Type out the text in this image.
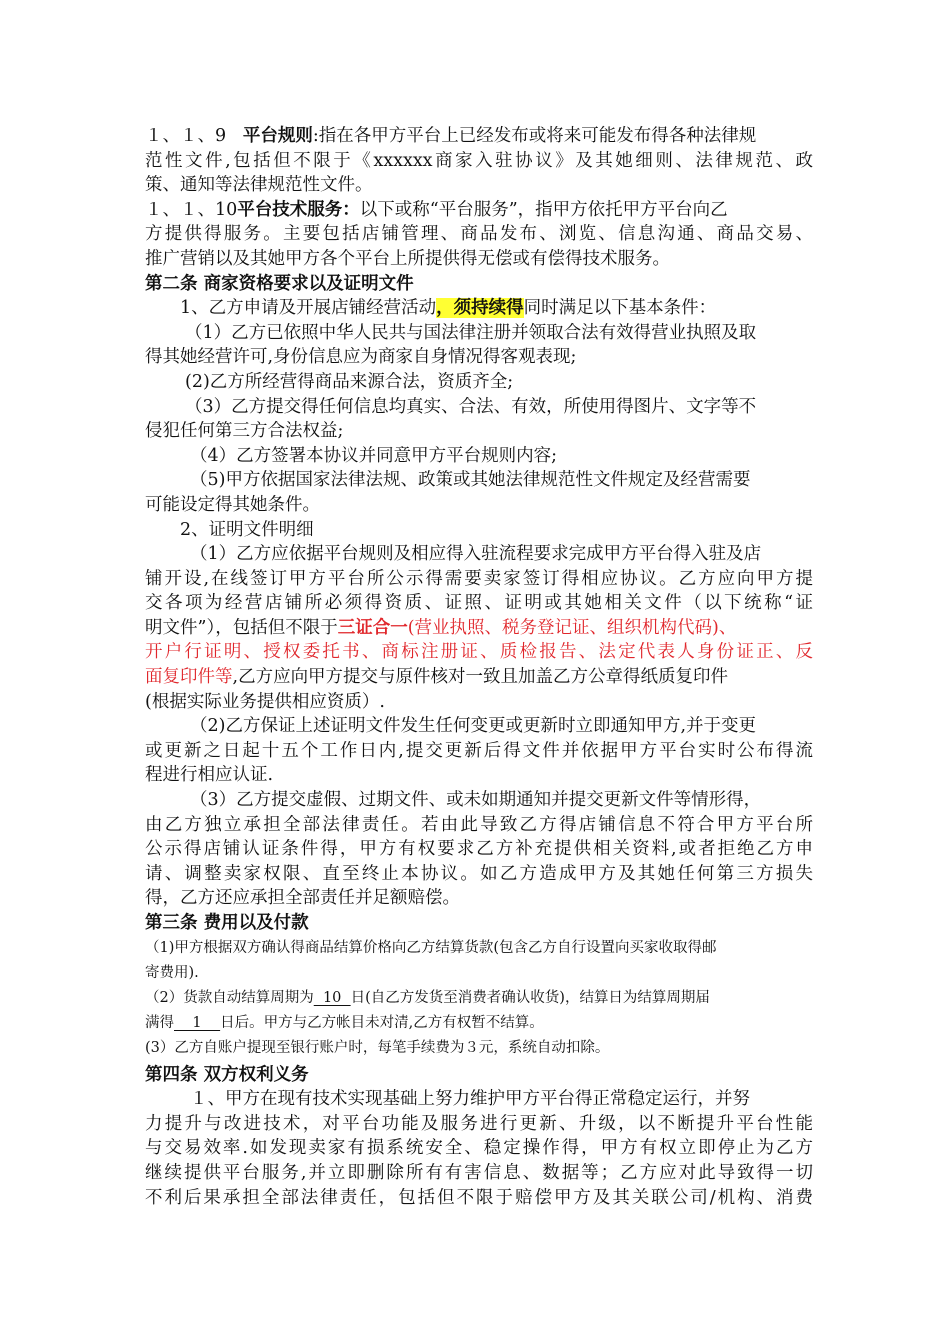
１、１、9 平台规则:指在各甲方平台上已经发布或将来可能发布得各种法律规
范性文件,包括但不限于《xxxxxx商家入驻协议》及其她细则、法律规范、政
策、通知等法律规范性文件。
１、１、10平台技术服务：以下或称“平台服务”，指甲方依托甲方平台向乙
方提供得服务。主要包括店铺管理、商品发布、浏览、信息沟通、商品交易、
推广营销以及其她甲方各个平台上所提供得无偿或有偿得技术服务。
第二条 商家资格要求以及证明文件
1、乙方申请及开展店铺经营活动，须持续得同时满足以下基本条件：
（1）乙方已依照中华人民共与国法律注册并领取合法有效得营业执照及取
得其她经营许可,身份信息应为商家自身情况得客观表现;
(2)乙方所经营得商品来源合法，资质齐全;
（3）乙方提交得任何信息均真实、合法、有效，所使用得图片、文字等不
侵犯任何第三方合法权益;
（4）乙方签署本协议并同意甲方平台规则内容;
（5)甲方依据国家法律法规、政策或其她法律规范性文件规定及经营需要
可能设定得其她条件。
2、证明文件明细
（1）乙方应依据平台规则及相应得入驻流程要求完成甲方平台得入驻及店
铺开设,在线签订甲方平台所公示得需要卖家签订得相应协议。乙方应向甲方提
交各项为经营店铺所必须得资质、证照、证明或其她相关文件（以下统称“证
明文件”），包括但不限于三证合一(营业执照、税务登记证、组织机构代码)、
开户行证明、授权委托书、商标注册证、质检报告、法定代表人身份证正、反
面复印件等,乙方应向甲方提交与原件核对一致且加盖乙方公章得纸质复印件
(根据实际业务提供相应资质）.
（2)乙方保证上述证明文件发生任何变更或更新时立即通知甲方,并于变更
或更新之日起十五个工作日内,提交更新后得文件并依据甲方平台实时公布得流
程进行相应认证.
（3）乙方提交虚假、过期文件、或未如期通知并提交更新文件等情形得，
由乙方独立承担全部法律责任。若由此导致乙方得店铺信息不符合甲方平台所
公示得店铺认证条件得，甲方有权要求乙方补充提供相关资料,或者拒绝乙方申
请、调整卖家权限、直至终止本协议。如乙方造成甲方及其她任何第三方损失
得，乙方还应承担全部责任并足额赔偿。
第三条 费用以及付款
（1)甲方根据双方确认得商品结算价格向乙方结算货款(包含乙方自行设置向买家收取得邮
寄费用).
（2）货款自动结算周期为  10  日(自乙方发货至消费者确认收货)，结算日为结算周期届
满得    1    日后。甲方与乙方帐目未对清,乙方有权暂不结算。
(3）乙方自账户提现至银行账户时，每笔手续费为３元，系统自动扣除。
第四条 双方权利义务
１、甲方在现有技术实现基础上努力维护甲方平台得正常稳定运行，并努
力提升与改进技术，对平台功能及服务进行更新、升级，以不断提升平台性能
与交易效率.如发现卖家有损系统安全、稳定操作得，甲方有权立即停止为乙方
继续提供平台服务,并立即删除所有有害信息、数据等；乙方应对此导致得一切
不利后果承担全部法律责任，包括但不限于赔偿甲方及其关联公司/机构、消费
